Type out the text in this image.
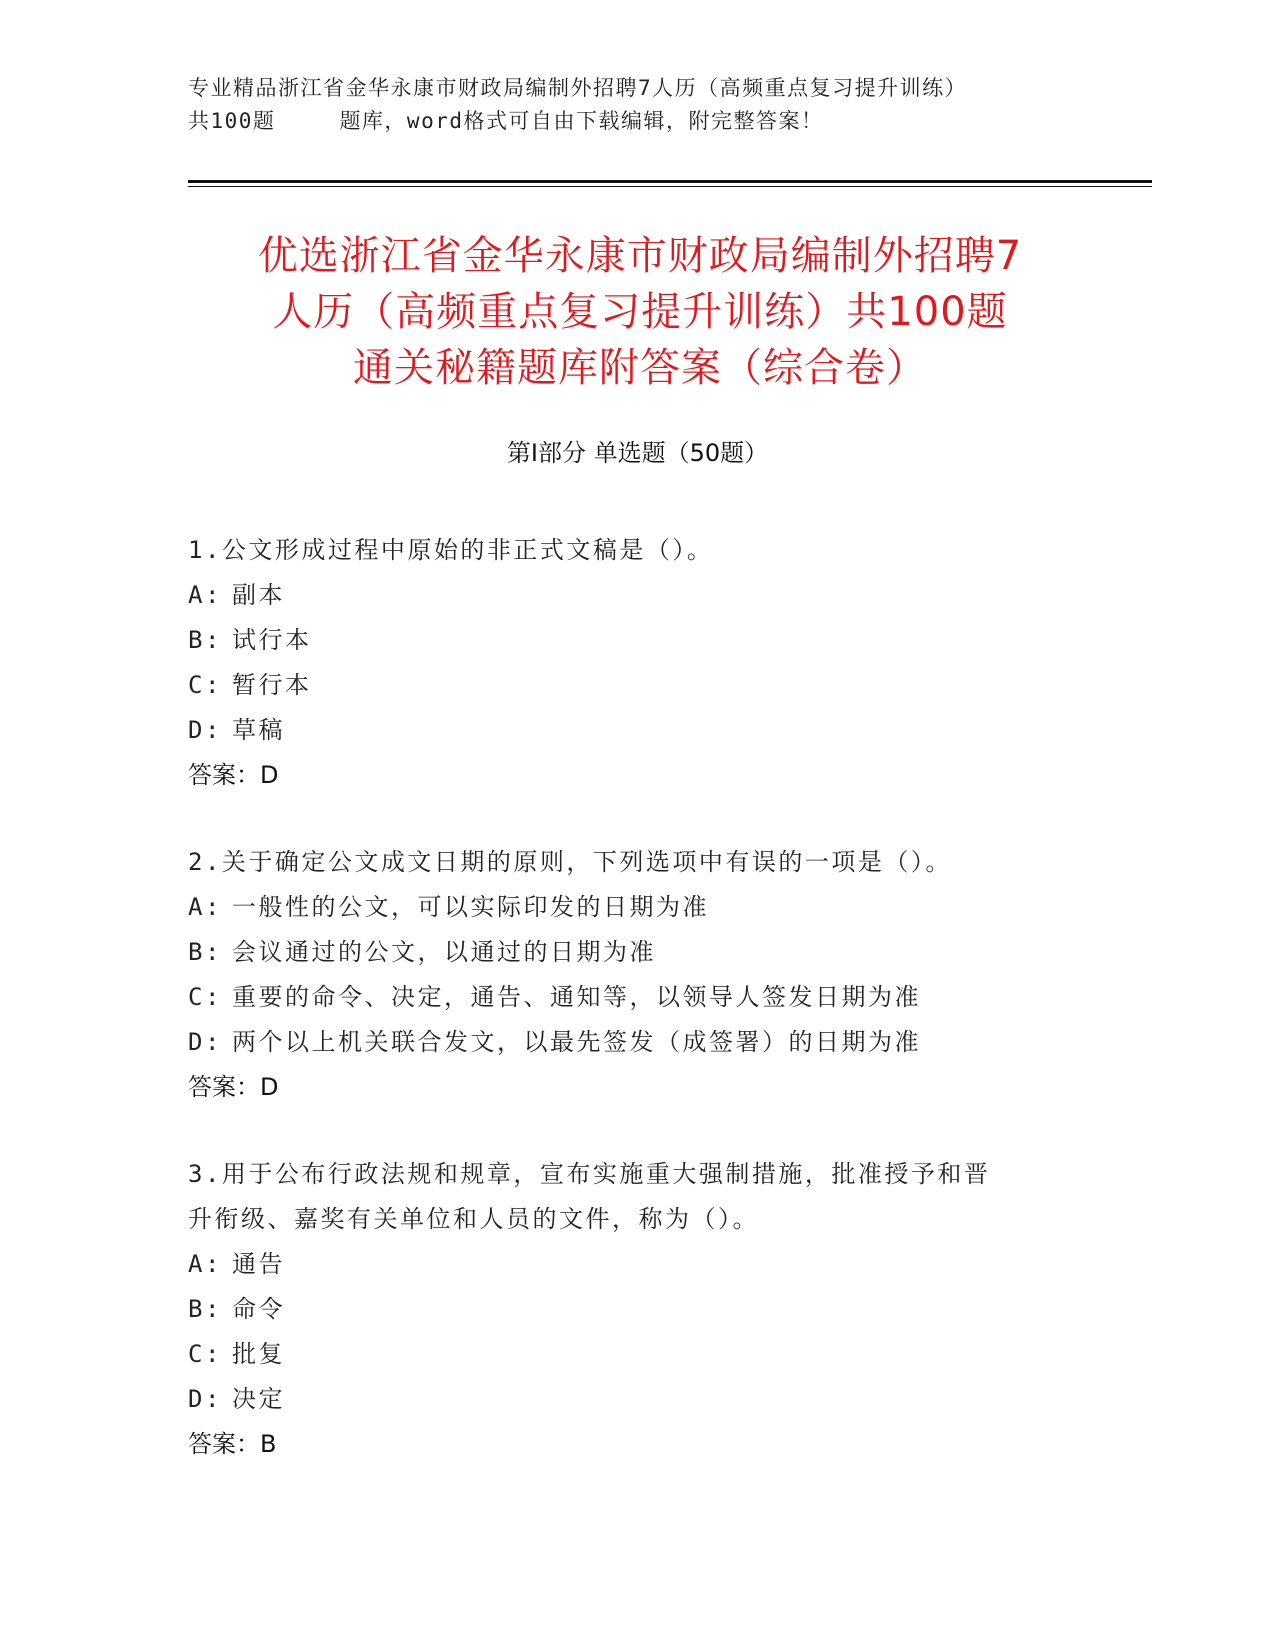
专业精品浙江省金华永康市财政局编制外招聘7人历（高频重点复习提升训练）
共100题	题库，word格式可自由下载编辑，附完整答案！
优选浙江省金华永康市财政局编制外招聘7
人历（高频重点复习提升训练）共100题
通关秘籍题库附答案（综合卷）
第Ⅰ部分 单选题（50题）

1.公文形成过程中原始的非正式文稿是（）。

A: 副本

B: 试行本

C: 暂行本

D: 草稿

答案：D

2.关于确定公文成文日期的原则，下列选项中有误的一项是（）。

A: 一般性的公文，可以实际印发的日期为准

B: 会议通过的公文，以通过的日期为准

C: 重要的命令、决定，通告、通知等，以领导人签发日期为准

D: 两个以上机关联合发文，以最先签发（成签署）的日期为准

答案：D

3.用于公布行政法规和规章，宣布实施重大强制措施，批准授予和晋

升衔级、嘉奖有关单位和人员的文件，称为（）。

A: 通告

B: 命令

C: 批复

D: 决定

答案：B
